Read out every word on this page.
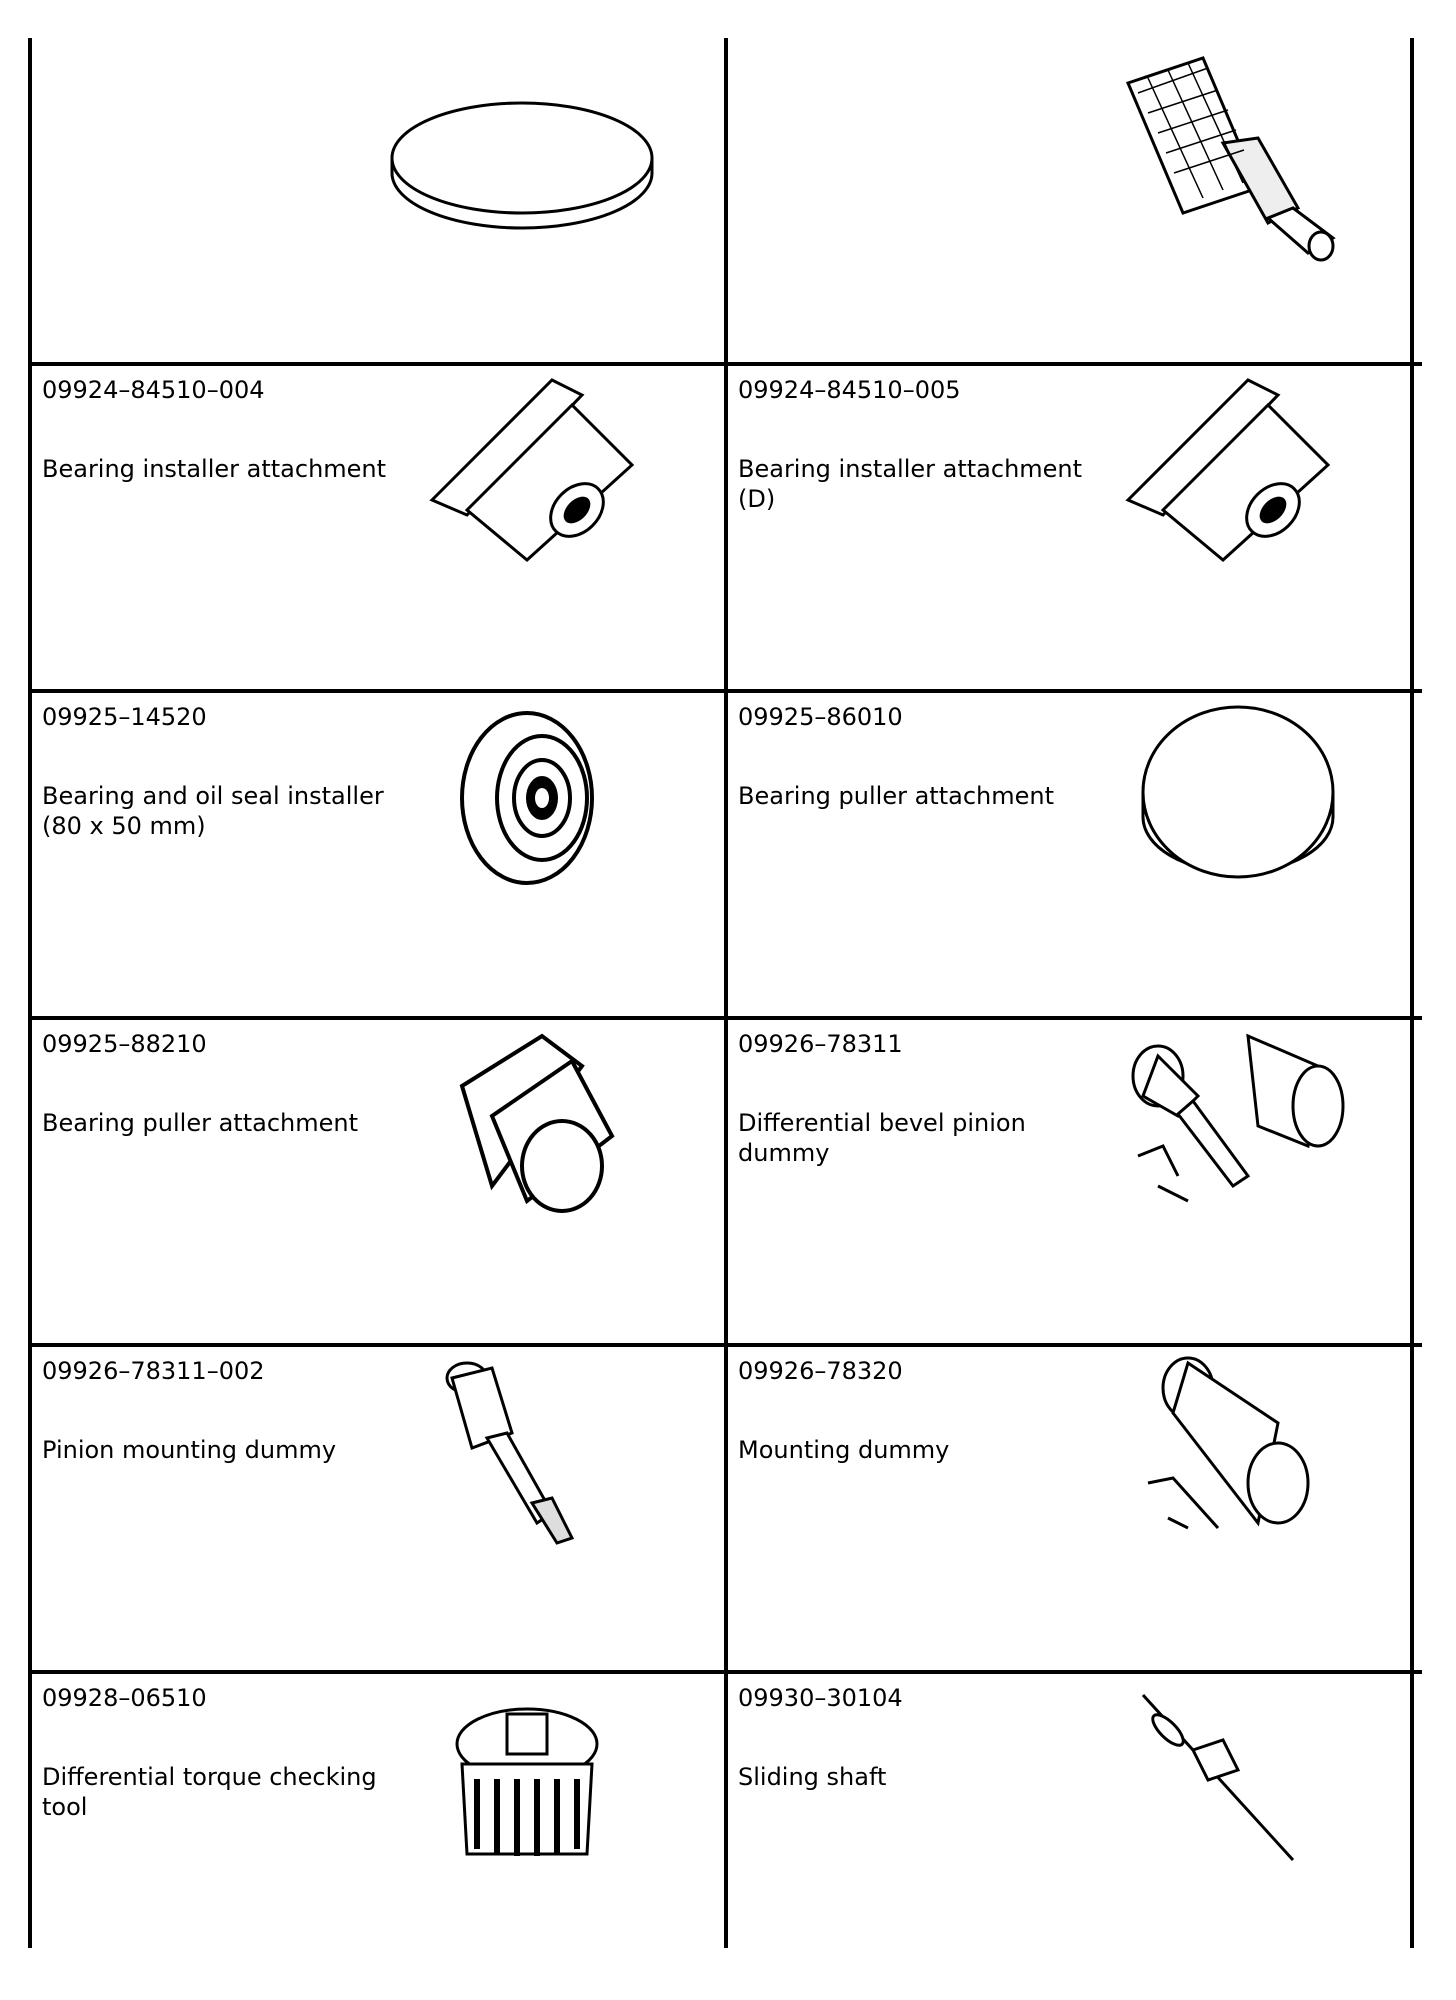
09924–84510–004
Bearing installer attachment
09924–84510–005
Bearing installer attachment (D)
09925–14520
Bearing and oil seal installer (80 x 50 mm)
09925–86010
Bearing puller attachment
09925–88210
Bearing puller attachment
09926–78311
Differential bevel pinion dummy
09926–78311–002
Pinion mounting dummy
09926–78320
Mounting dummy
09928–06510
Differential torque checking tool
09930–30104
Sliding shaft
